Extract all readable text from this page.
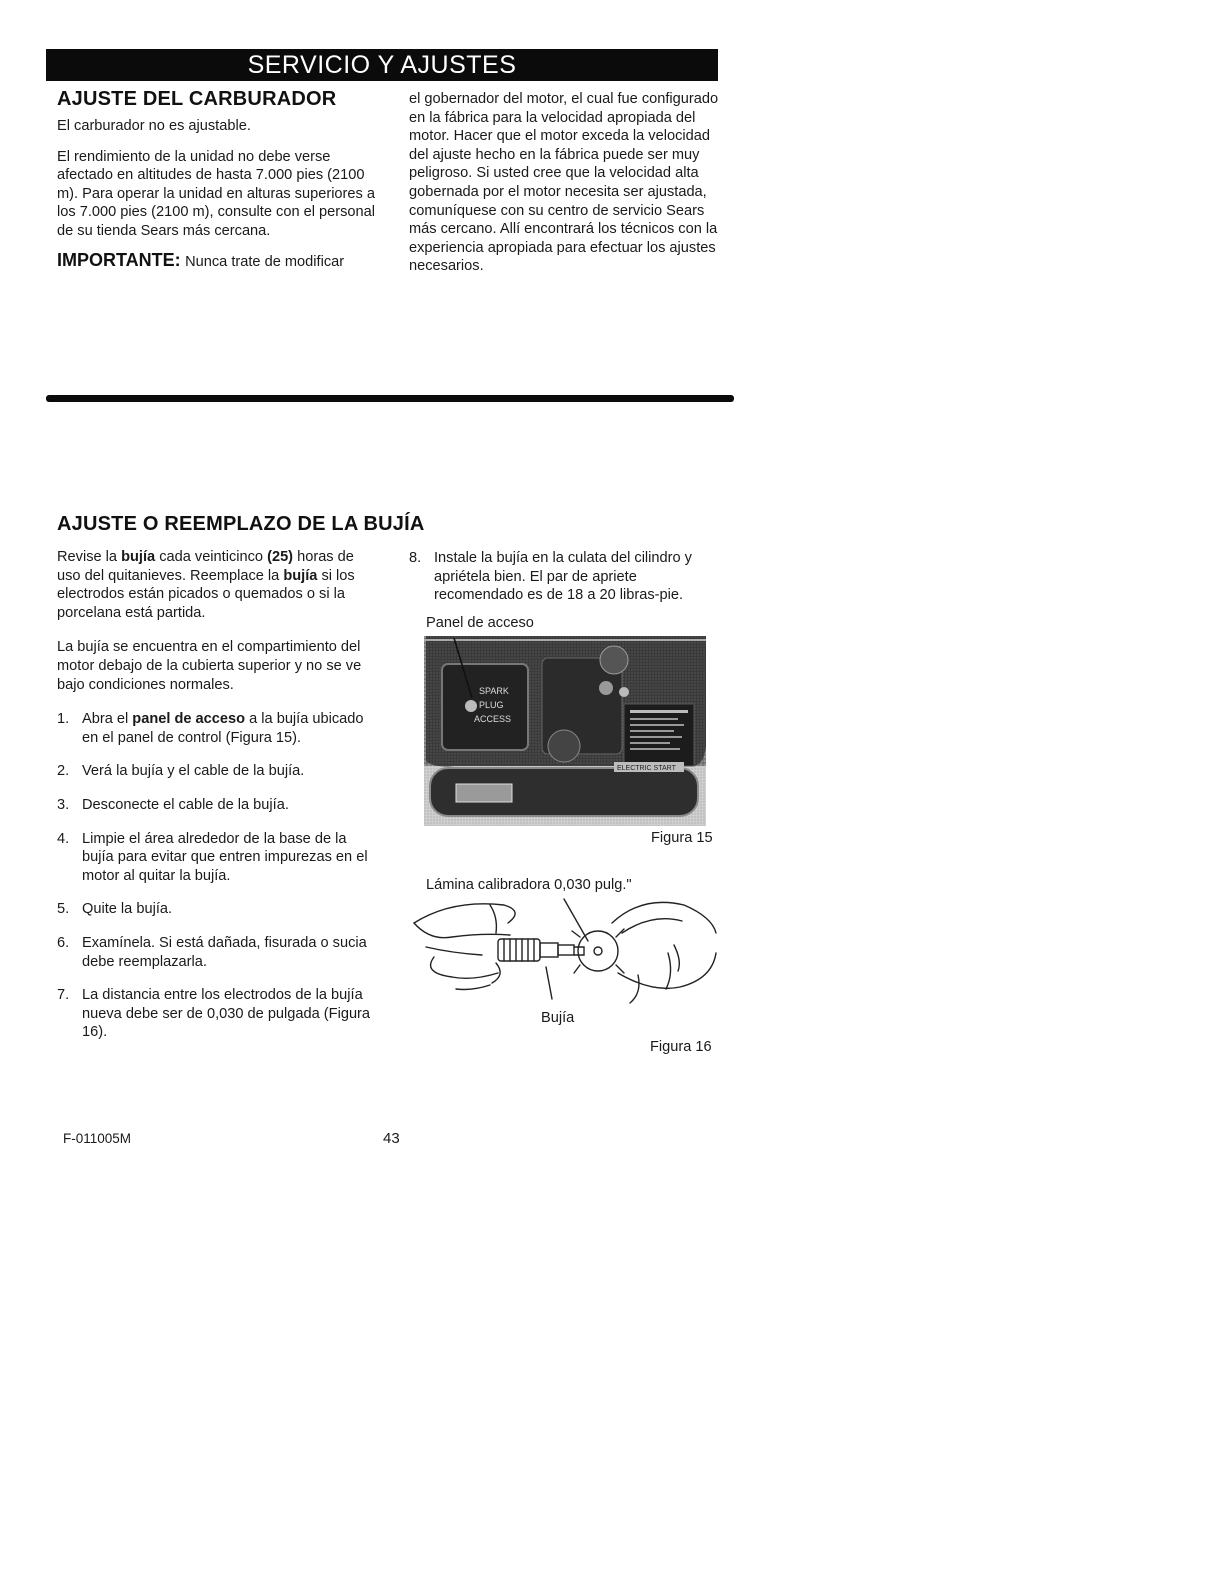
SERVICIO Y AJUSTES
AJUSTE DEL CARBURADOR
El carburador no es ajustable.
El rendimiento de la unidad no debe verse afectado en altitudes de hasta 7.000 pies (2100 m). Para operar la unidad en alturas superiores a los 7.000 pies (2100 m), consulte con el personal de su tienda Sears más cercana.
IMPORTANTE: Nunca trate de modificar
el gobernador del motor, el cual fue configurado en la fábrica para la velocidad apropiada del motor. Hacer que el motor exceda la velocidad del ajuste hecho en la fábrica puede ser muy peligroso. Si usted cree que la velocidad alta gobernada por el motor necesita ser ajustada, comuníquese con su centro de servicio Sears más cercano. Allí encontrará los técnicos con la experiencia apropiada para efectuar los ajustes necesarios.
AJUSTE O REEMPLAZO DE LA BUJÍA
Revise la bujía cada veinticinco (25) horas de uso del quitanieves. Reemplace la bujía si los electrodos están picados o quemados o si la porcelana está partida.
La bujía se encuentra en el compartimiento del motor debajo de la cubierta superior y no se ve bajo condiciones normales.
1. Abra el panel de acceso a la bujía ubicado en el panel de control (Figura 15).
2. Verá la bujía y el cable de la bujía.
3. Desconecte el cable de la bujía.
4. Limpie el área alrededor de la base de la bujía para evitar que entren impurezas en el motor al quitar la bujía.
5. Quite la bujía.
6. Examínela. Si está dañada, fisurada o sucia debe reemplazarla.
7. La distancia entre los electrodos de la bujía nueva debe ser de 0,030 de pulgada (Figura 16).
8. Instale la bujía en la culata del cilindro y apriétela bien. El par de apriete recomendado es de 18 a 20 libras-pie.
Panel de acceso
SPARK
PLUG
ACCESS
ELECTRIC START
Figura 15
Lámina calibradora 0,030 pulg."
Bujía
Figura 16
F-011005M	43
